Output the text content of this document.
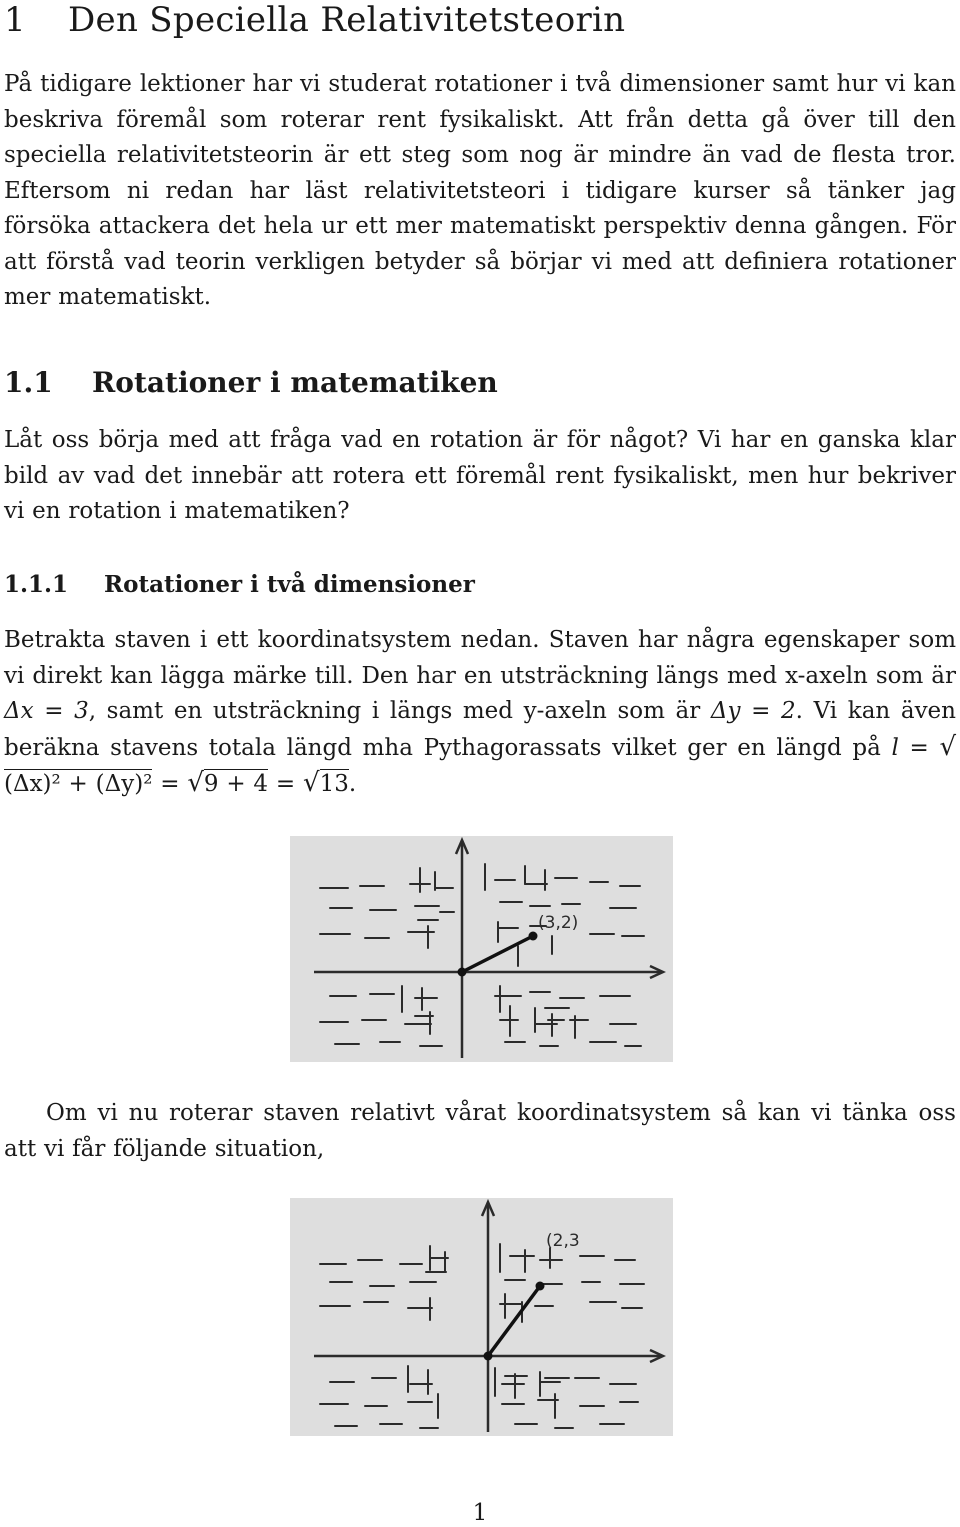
1 Den Speciella Relativitetsteorin

På tidigare lektioner har vi studerat rotationer i två dimensioner samt hur vi kan beskriva föremål som roterar rent fysikaliskt. Att från detta gå över till den speciella relativitetsteorin är ett steg som nog är mindre än vad de flesta tror. Eftersom ni redan har läst relativitetsteori i tidigare kurser så tänker jag försöka attackera det hela ur ett mer matematiskt perspektiv denna gången. För att förstå vad teorin verkligen betyder så börjar vi med att definiera rotationer mer matematiskt.

1.1 Rotationer i matematiken

Låt oss börja med att fråga vad en rotation är för något? Vi har en ganska klar bild av vad det innebär att rotera ett föremål rent fysikaliskt, men hur bekriver vi en rotation i matematiken?

1.1.1 Rotationer i två dimensioner

Betrakta staven i ett koordinatsystem nedan. Staven har några egenskaper som vi direkt kan lägga märke till. Den har en utsträckning längs med x-axeln som är Δx = 3, samt en utsträckning i längs med y-axeln som är Δy = 2. Vi kan även beräkna stavens totala längd mha Pythagorassats vilket ger en längd på l = √(Δx)² + (Δy)² = √9 + 4 = √13.

(3,2)

Om vi nu roterar staven relativt vårat koordinatsystem så kan vi tänka oss att vi får följande situation,

(2,3
1
